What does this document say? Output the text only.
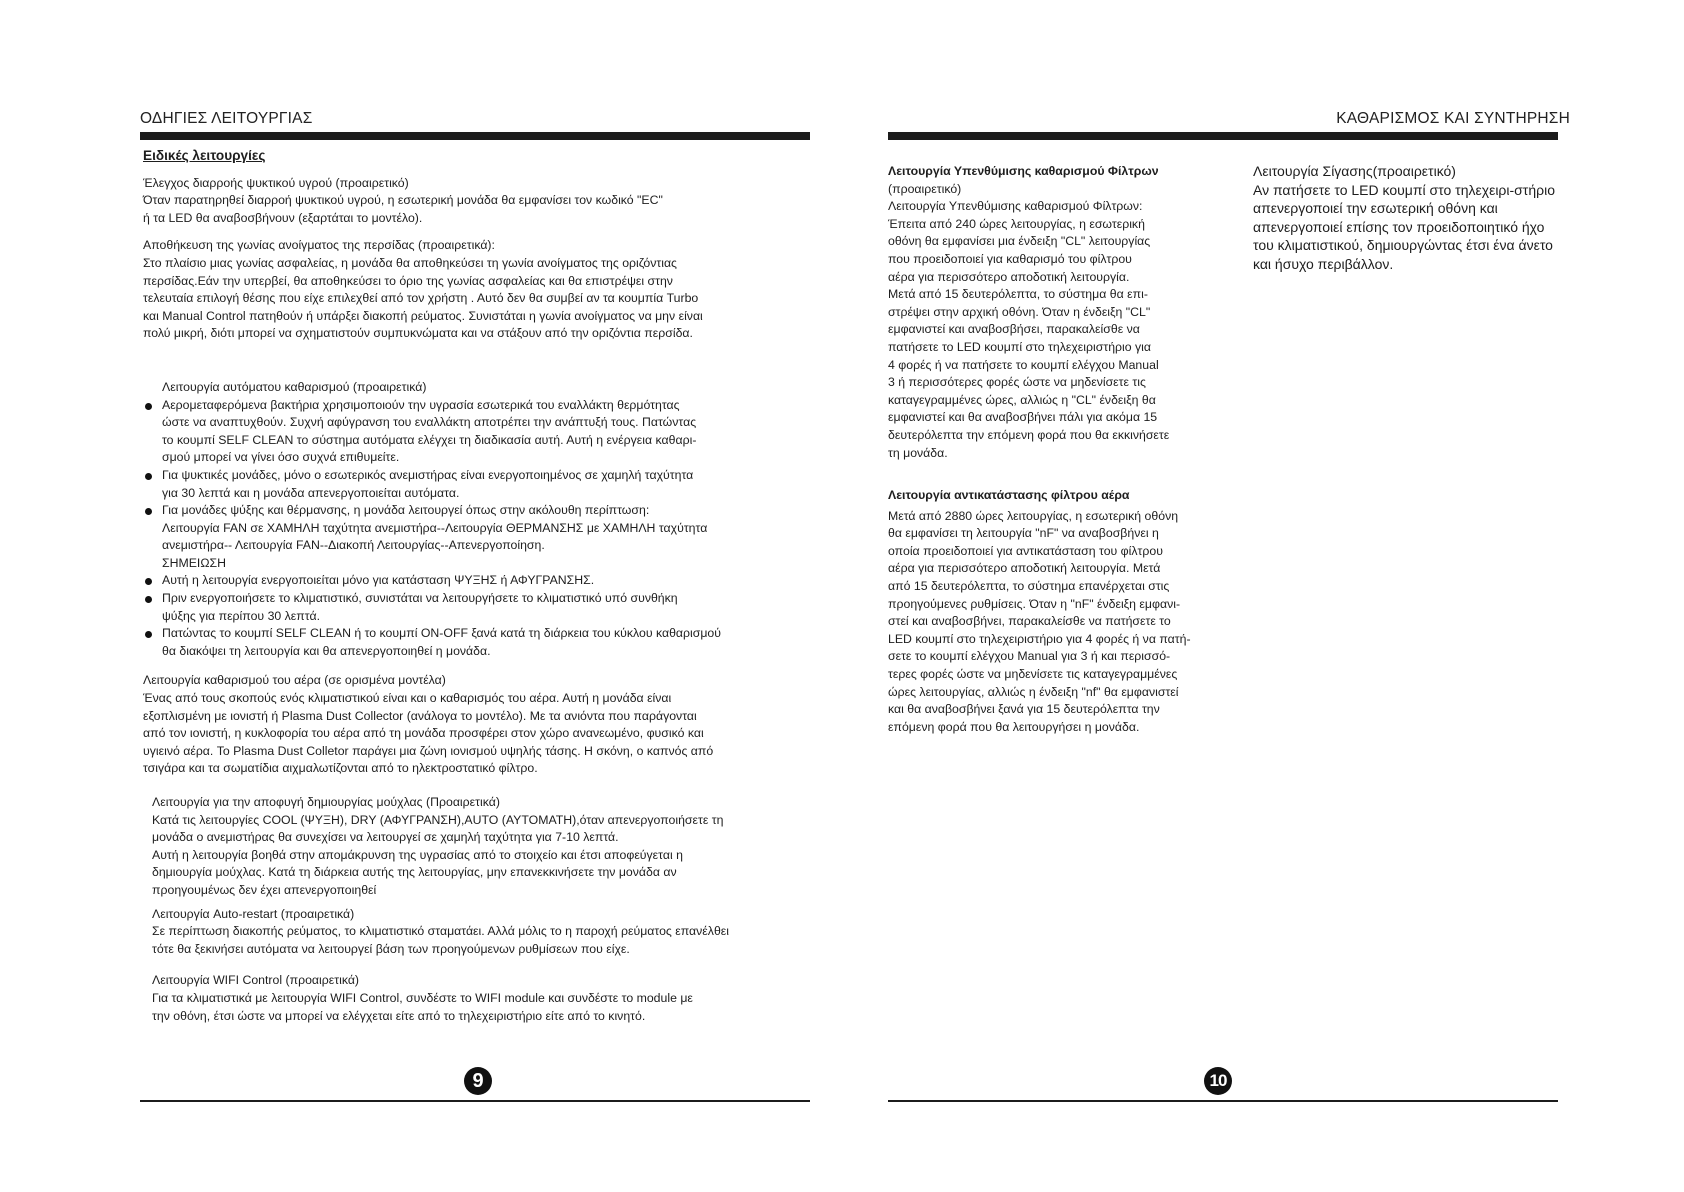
ΟΔΗΓΙΕΣ ΛΕΙΤΟΥΡΓΙΑΣ

Ειδικές λειτουργίες

Έλεγχος διαρροής ψυκτικού υγρού (προαιρετικό)

Όταν παρατηρηθεί διαρροή ψυκτικού υγρού, η εσωτερική μονάδα θα εμφανίσει τον κωδικό "EC"
ή τα LED θα αναβοσβήνουν (εξαρτάται το μοντέλο).

Αποθήκευση της γωνίας ανοίγματος της περσίδας (προαιρετικά):

Στο πλαίσιο μιας γωνίας ασφαλείας, η μονάδα θα αποθηκεύσει τη γωνία ανοίγματος της οριζόντιας
περσίδας.Εάν την υπερβεί, θα αποθηκεύσει το όριο της γωνίας ασφαλείας και θα επιστρέψει στην
τελευταία επιλογή θέσης που είχε επιλεχθεί από τον χρήστη . Αυτό δεν θα συμβεί αν τα κουμπία Turbo
και Manual Control πατηθούν ή υπάρξει διακοπή ρεύματος. Συνιστάται η γωνία ανοίγματος να μην είναι
πολύ μικρή, διότι μπορεί να σχηματιστούν συμπυκνώματα και να στάξουν από την οριζόντια περσίδα.

Λειτουργία αυτόματου καθαρισμού (προαιρετικά)

Αερομεταφερόμενα βακτήρια χρησιμοποιούν την υγρασία εσωτερικά του εναλλάκτη θερμότητας
ώστε να αναπτυχθούν. Συχνή αφύγρανση του εναλλάκτη αποτρέπει την ανάπτυξή τους. Πατώντας
το κουμπί SELF CLEAN το σύστημα αυτόματα ελέγχει τη διαδικασία αυτή. Αυτή η ενέργεια καθαρι-
σμού μπορεί να γίνει όσο συχνά επιθυμείτε.
Για ψυκτικές μονάδες, μόνο ο εσωτερικός ανεμιστήρας είναι ενεργοποιημένος σε χαμηλή ταχύτητα
για 30 λεπτά και η μονάδα απενεργοποιείται αυτόματα.
Για μονάδες ψύξης και θέρμανσης, η μονάδα λειτουργεί όπως στην ακόλουθη περίπτωση:
Λειτουργία FAN σε ΧΑΜΗΛΗ ταχύτητα ανεμιστήρα--Λειτουργία ΘΕΡΜΑΝΣΗΣ με ΧΑΜΗΛΗ ταχύτητα
ανεμιστήρα-- Λειτουργία FAN--Διακοπή Λειτουργίας--Απενεργοποίηση.
ΣΗΜΕΙΩΣΗ
Αυτή η λειτουργία ενεργοποιείται μόνο για κατάσταση ΨΥΞΗΣ ή ΑΦΥΓΡΑΝΣΗΣ.
Πριν ενεργοποιήσετε το κλιματιστικό, συνιστάται να λειτουργήσετε το κλιματιστικό υπό συνθήκη
ψύξης για περίπου 30 λεπτά.
Πατώντας το κουμπί SELF CLEAN ή το κουμπί ON-OFF ξανά κατά τη διάρκεια του κύκλου καθαρισμού
θα διακόψει τη λειτουργία και θα απενεργοποιηθεί η μονάδα.

Λειτουργία καθαρισμού του αέρα (σε ορισμένα μοντέλα)

Ένας από τους σκοπούς ενός κλιματιστικού είναι και ο καθαρισμός του αέρα. Αυτή η μονάδα είναι
εξοπλισμένη με ιονιστή ή Plasma Dust Collector (ανάλογα το μοντέλο). Με τα ανιόντα που παράγονται
από τον ιονιστή, η κυκλοφορία του αέρα από τη μονάδα προσφέρει στον χώρο ανανεωμένο, φυσικό και
υγιεινό αέρα. To Plasma Dust Colletor παράγει μια ζώνη ιονισμού υψηλής τάσης. Η σκόνη, ο καπνός από
τσιγάρα και τα σωματίδια αιχμαλωτίζονται από το ηλεκτροστατικό φίλτρο.

Λειτουργία για την αποφυγή δημιουργίας μούχλας (Προαιρετικά)

Κατά τις λειτουργίες COOL (ΨΥΞΗ), DRY (ΑΦΥΓΡΑΝΣΗ),AUTO (ΑΥΤΟΜΑΤΗ),όταν απενεργοποιήσετε τη
μονάδα ο ανεμιστήρας θα συνεχίσει να λειτουργεί σε χαμηλή ταχύτητα για 7-10 λεπτά.
Αυτή η λειτουργία βοηθά στην απομάκρυνση της υγρασίας από το στοιχείο και έτσι αποφεύγεται η
δημιουργία μούχλας. Κατά τη διάρκεια αυτής της λειτουργίας, μην επανεκκινήσετε την μονάδα αν
προηγουμένως δεν έχει απενεργοποιηθεί

Λειτουργία Auto-restart (προαιρετικά)

Σε περίπτωση διακοπής ρεύματος, το κλιματιστικό σταματάει. Αλλά μόλις το η παροχή ρεύματος επανέλθει
τότε θα ξεκινήσει αυτόματα να λειτουργεί βάση των προηγούμενων ρυθμίσεων που είχε.

Λειτουργία WIFI Control (προαιρετικά)

Για τα κλιματιστικά με λειτουργία WIFI Control, συνδέστε το WIFI module και συνδέστε το module με
την οθόνη, έτσι ώστε να μπορεί να ελέγχεται είτε από το τηλεχειριστήριο είτε από το κινητό.

9
ΚΑΘΑΡΙΣΜΟΣ ΚΑΙ ΣΥΝΤΗΡΗΣΗ

Λειτουργία Υπενθύμισης καθαρισμού Φίλτρων

(προαιρετικό)
Λειτουργία Υπενθύμισης καθαρισμού Φίλτρων:
Έπειτα από 240 ώρες λειτουργίας, η εσωτερική
οθόνη θα εμφανίσει μια ένδειξη "CL" λειτουργίας
που προειδοποιεί για καθαρισμό του φίλτρου
αέρα για περισσότερο αποδοτική λειτουργία.
Μετά από 15 δευτερόλεπτα, το σύστημα θα επι-
στρέψει στην αρχική οθόνη. Όταν η ένδειξη "CL"
εμφανιστεί και αναβοσβήσει, παρακαλείσθε να
πατήσετε το LED κουμπί στο τηλεχειριστήριο για
4 φορές ή να πατήσετε το κουμπί ελέγχου Manual
3 ή περισσότερες φορές ώστε να μηδενίσετε τις
καταγεγραμμένες ώρες, αλλιώς η "CL" ένδειξη θα
εμφανιστεί και θα αναβοσβήνει πάλι για ακόμα 15
δευτερόλεπτα την επόμενη φορά που θα εκκινήσετε
τη μονάδα.

Λειτουργία αντικατάστασης φίλτρου αέρα

Μετά από 2880 ώρες λειτουργίας, η εσωτερική οθόνη
θα εμφανίσει τη λειτουργία "nF" να αναβοσβήνει η
οποία προειδοποιεί για αντικατάσταση του φίλτρου
αέρα για περισσότερο αποδοτική λειτουργία. Μετά
από 15 δευτερόλεπτα, το σύστημα επανέρχεται στις
προηγούμενες ρυθμίσεις. Όταν η "nF" ένδειξη εμφανι-
στεί και αναβοσβήνει, παρακαλείσθε να πατήσετε το
LED κουμπί στο τηλεχειριστήριο για 4 φορές ή να πατή-
σετε το κουμπί ελέγχου Manual για 3 ή και περισσό-
τερες φορές ώστε να μηδενίσετε τις καταγεγραμμένες
ώρες λειτουργίας, αλλιώς η ένδειξη "nf" θα εμφανιστεί
και θα αναβοσβήνει ξανά για 15 δευτερόλεπτα την
επόμενη φορά που θα λειτουργήσει η μονάδα.

Λειτουργία Σίγασης(προαιρετικό)

Αν πατήσετε το LED κουμπί στο τηλεχειρι-στήριο
απενεργοποιεί την εσωτερική οθόνη και
απενεργοποιεί επίσης τον προειδοποιητικό ήχο
του κλιματιστικού, δημιουργώντας έτσι ένα άνετο
και ήσυχο περιβάλλον.

10
